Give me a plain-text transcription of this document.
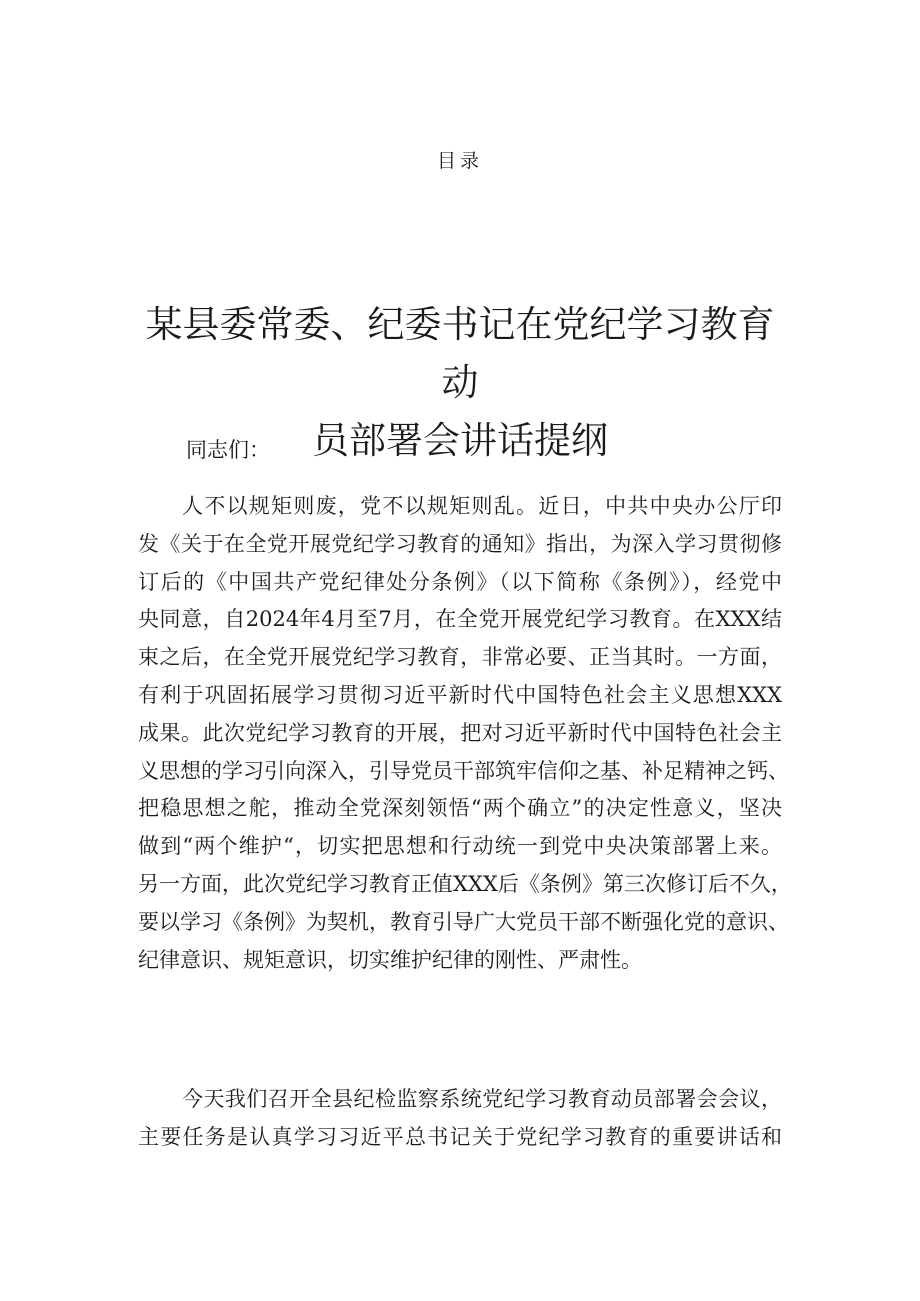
目录
某县委常委、纪委书记在党纪学习教育动
员部署会讲话提纲

同志们：

人不以规矩则废，党不以规矩则乱。近日，中共中央办公厅印
发《关于在全党开展党纪学习教育的通知》指出，为深入学习贯彻修
订后的《中国共产党纪律处分条例》（以下简称《条例》），经党中
央同意，自2024年4月至7月，在全党开展党纪学习教育。在XXX结
束之后，在全党开展党纪学习教育，非常必要、正当其时。一方面，
有利于巩固拓展学习贯彻习近平新时代中国特色社会主义思想XXX
成果。此次党纪学习教育的开展，把对习近平新时代中国特色社会主
义思想的学习引向深入，引导党员干部筑牢信仰之基、补足精神之钙、
把稳思想之舵，推动全党深刻领悟“两个确立”的决定性意义，坚决
做到“两个维护“，切实把思想和行动统一到党中央决策部署上来。
另一方面，此次党纪学习教育正值XXX后《条例》第三次修订后不久，
要以学习《条例》为契机，教育引导广大党员干部不断强化党的意识、
纪律意识、规矩意识，切实维护纪律的刚性、严肃性。
今天我们召开全县纪检监察系统党纪学习教育动员部署会会议，
主要任务是认真学习习近平总书记关于党纪学习教育的重要讲话和
